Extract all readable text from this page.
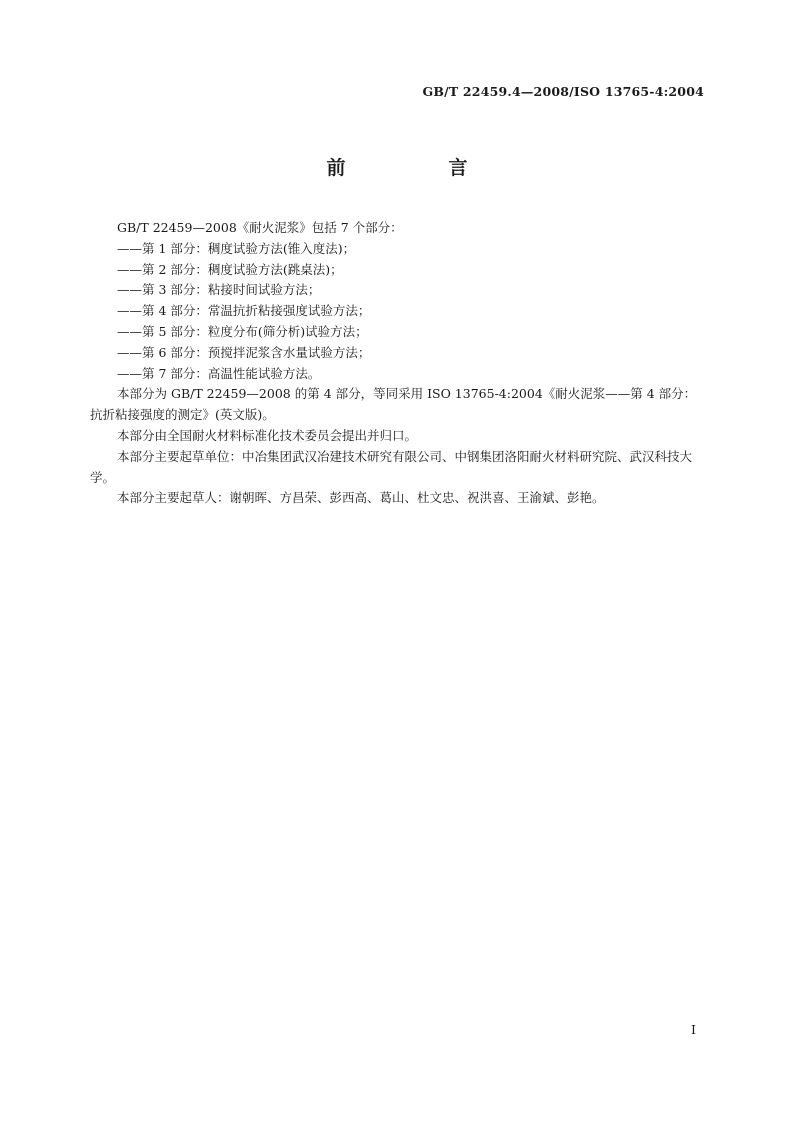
GB/T 22459.4—2008/ISO 13765-4:2004
前　言

GB/T 22459—2008《耐火泥浆》包括 7 个部分：

——第 1 部分：稠度试验方法(锥入度法)；

——第 2 部分：稠度试验方法(跳桌法)；

——第 3 部分：粘接时间试验方法；

——第 4 部分：常温抗折粘接强度试验方法；

——第 5 部分：粒度分布(筛分析)试验方法；

——第 6 部分：预搅拌泥浆含水量试验方法；

——第 7 部分：高温性能试验方法。

本部分为 GB/T 22459—2008 的第 4 部分，等同采用 ISO 13765-4:2004《耐火泥浆——第 4 部分：抗折粘接强度的测定》(英文版)。

本部分由全国耐火材料标准化技术委员会提出并归口。

本部分主要起草单位：中冶集团武汉冶建技术研究有限公司、中钢集团洛阳耐火材料研究院、武汉科技大学。

本部分主要起草人：谢朝晖、方昌荣、彭西高、葛山、杜文忠、祝洪喜、王渝斌、彭艳。

I
